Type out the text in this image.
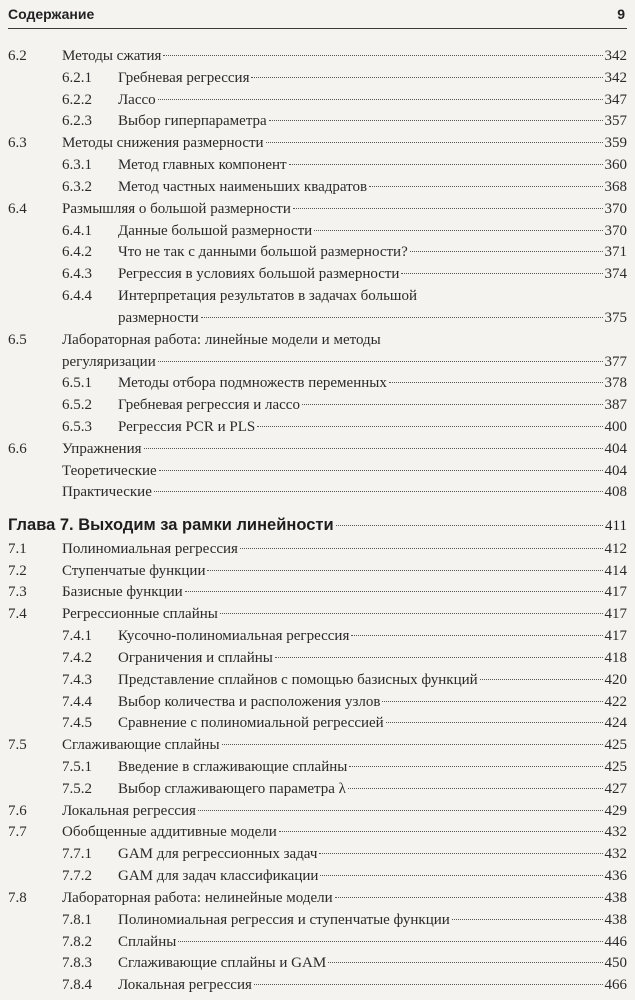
Содержание	9
6.2 Методы сжатия	342
6.2.1 Гребневая регрессия	342
6.2.2 Лассо	347
6.2.3 Выбор гиперпараметра	357
6.3 Методы снижения размерности	359
6.3.1 Метод главных компонент	360
6.3.2 Метод частных наименьших квадратов	368
6.4 Размышляя о большой размерности	370
6.4.1 Данные большой размерности	370
6.4.2 Что не так с данными большой размерности?	371
6.4.3 Регрессия в условиях большой размерности	374
6.4.4 Интерпретация результатов в задачах большой
размерности	375
6.5 Лабораторная работа: линейные модели и методы
регуляризации	377
6.5.1 Методы отбора подмножеств переменных	378
6.5.2 Гребневая регрессия и лассо	387
6.5.3 Регрессия PCR и PLS	400
6.6 Упражнения	404
Теоретические	404
Практические	408
Глава 7. Выходим за рамки линейности	411
7.1 Полиномиальная регрессия	412
7.2 Ступенчатые функции	414
7.3 Базисные функции	417
7.4 Регрессионные сплайны	417
7.4.1 Кусочно-полиномиальная регрессия	417
7.4.2 Ограничения и сплайны	418
7.4.3 Представление сплайнов с помощью базисных функций	420
7.4.4 Выбор количества и расположения узлов	422
7.4.5 Сравнение с полиномиальной регрессией	424
7.5 Сглаживающие сплайны	425
7.5.1 Введение в сглаживающие сплайны	425
7.5.2 Выбор сглаживающего параметра λ	427
7.6 Локальная регрессия	429
7.7 Обобщенные аддитивные модели	432
7.7.1 GAM для регрессионных задач	432
7.7.2 GAM для задач классификации	436
7.8 Лабораторная работа: нелинейные модели	438
7.8.1 Полиномиальная регрессия и ступенчатые функции	438
7.8.2 Сплайны	446
7.8.3 Сглаживающие сплайны и GAM	450
7.8.4 Локальная регрессия	466
